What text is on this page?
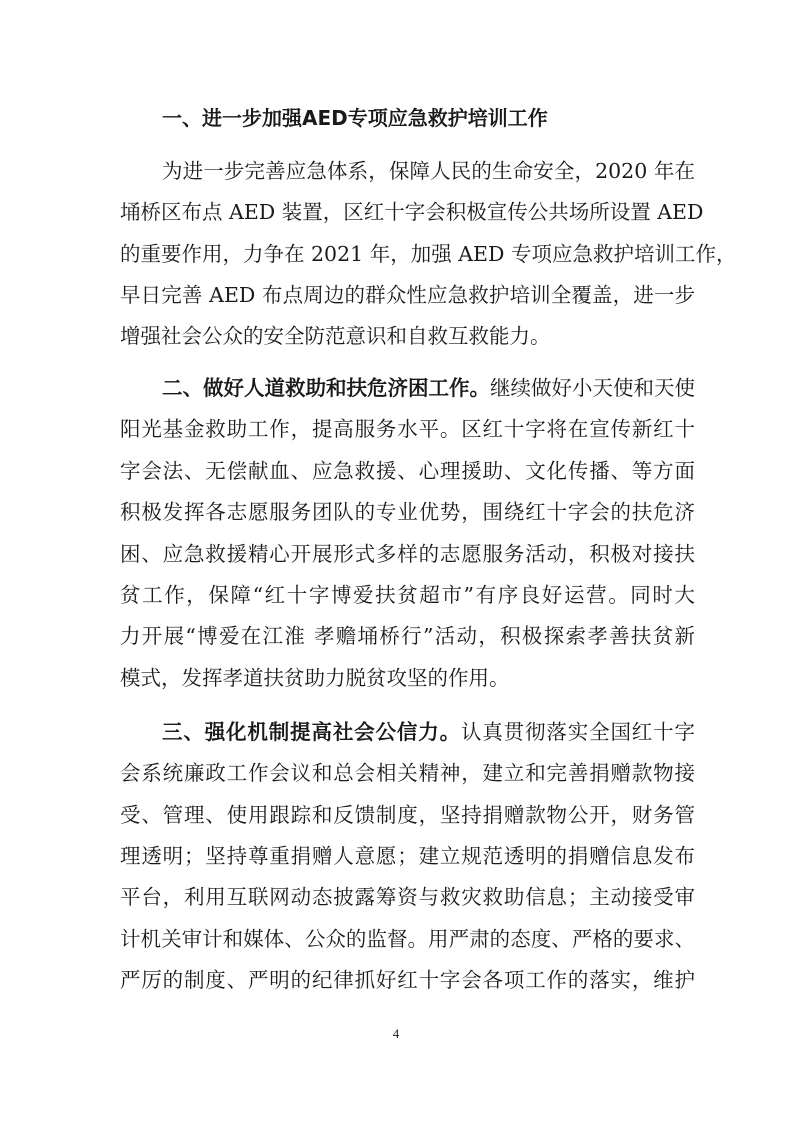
一、进一步加强AED专项应急救护培训工作
为进一步完善应急体系，保障人民的生命安全，2020 年在
埇桥区布点 AED 装置，区红十字会积极宣传公共场所设置 AED
的重要作用，力争在 2021 年，加强 AED 专项应急救护培训工作，
早日完善 AED 布点周边的群众性应急救护培训全覆盖，进一步
增强社会公众的安全防范意识和自救互救能力。
二、做好人道救助和扶危济困工作。继续做好小天使和天使
阳光基金救助工作，提高服务水平。区红十字将在宣传新红十
字会法、无偿献血、应急救援、心理援助、文化传播、等方面
积极发挥各志愿服务团队的专业优势，围绕红十字会的扶危济
困、应急救援精心开展形式多样的志愿服务活动，积极对接扶
贫工作，保障“红十字博爱扶贫超市”有序良好运营。同时大
力开展“博爱在江淮 孝赡埇桥行”活动，积极探索孝善扶贫新
模式，发挥孝道扶贫助力脱贫攻坚的作用。
三、强化机制提高社会公信力。认真贯彻落实全国红十字
会系统廉政工作会议和总会相关精神，建立和完善捐赠款物接
受、管理、使用跟踪和反馈制度，坚持捐赠款物公开，财务管
理透明；坚持尊重捐赠人意愿；建立规范透明的捐赠信息发布
平台，利用互联网动态披露筹资与救灾救助信息；主动接受审
计机关审计和媒体、公众的监督。用严肃的态度、严格的要求、
严厉的制度、严明的纪律抓好红十字会各项工作的落实，维护
4
